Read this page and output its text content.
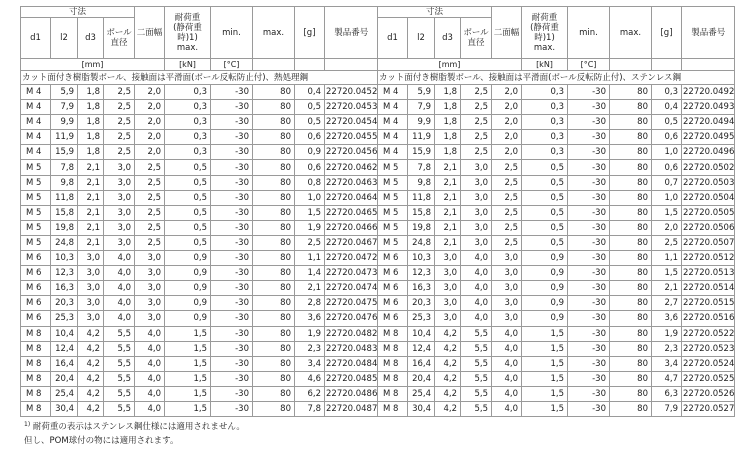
寸法				二面幅	耐荷重
(静荷重
時)1)
max.	min.	max.	[g]	製品番号
d1	l2	d3	ボール
直径						
[mm]					[kN]	[°C]			
カット面付き樹脂製ボール、接触面は平滑面(ボール反転防止付)、熱処理鋼									
M 4	5,9	1,8	2,5	2,0	0,3	-30	80	0,4	22720.0452
M 4	7,9	1,8	2,5	2,0	0,3	-30	80	0,5	22720.0453
M 4	9,9	1,8	2,5	2,0	0,3	-30	80	0,5	22720.0454
M 4	11,9	1,8	2,5	2,0	0,3	-30	80	0,6	22720.0455
M 4	15,9	1,8	2,5	2,0	0,3	-30	80	0,9	22720.0456
M 5	7,8	2,1	3,0	2,5	0,5	-30	80	0,6	22720.0462
M 5	9,8	2,1	3,0	2,5	0,5	-30	80	0,8	22720.0463
M 5	11,8	2,1	3,0	2,5	0,5	-30	80	1,0	22720.0464
M 5	15,8	2,1	3,0	2,5	0,5	-30	80	1,5	22720.0465
M 5	19,8	2,1	3,0	2,5	0,5	-30	80	1,9	22720.0466
M 5	24,8	2,1	3,0	2,5	0,5	-30	80	2,5	22720.0467
M 6	10,3	3,0	4,0	3,0	0,9	-30	80	1,1	22720.0472
M 6	12,3	3,0	4,0	3,0	0,9	-30	80	1,4	22720.0473
M 6	16,3	3,0	4,0	3,0	0,9	-30	80	2,1	22720.0474
M 6	20,3	3,0	4,0	3,0	0,9	-30	80	2,8	22720.0475
M 6	25,3	3,0	4,0	3,0	0,9	-30	80	3,6	22720.0476
M 8	10,4	4,2	5,5	4,0	1,5	-30	80	1,9	22720.0482
M 8	12,4	4,2	5,5	4,0	1,5	-30	80	2,3	22720.0483
M 8	16,4	4,2	5,5	4,0	1,5	-30	80	3,4	22720.0484
M 8	20,4	4,2	5,5	4,0	1,5	-30	80	4,6	22720.0485
M 8	25,4	4,2	5,5	4,0	1,5	-30	80	6,2	22720.0486
M 8	30,4	4,2	5,5	4,0	1,5	-30	80	7,8	22720.0487
寸法				二面幅	耐荷重
(静荷重
時)1)
max.	min.	max.	[g]	製品番号
d1	l2	d3	ボール
直径						
[mm]					[kN]	[°C]			
カット面付き樹脂製ボール、接触面は平滑面(ボール反転防止付)、ステンレス鋼									
M 4	5,9	1,8	2,5	2,0	0,3	-30	80	0,3	22720.0492
M 4	7,9	1,8	2,5	2,0	0,3	-30	80	0,4	22720.0493
M 4	9,9	1,8	2,5	2,0	0,3	-30	80	0,5	22720.0494
M 4	11,9	1,8	2,5	2,0	0,3	-30	80	0,6	22720.0495
M 4	15,9	1,8	2,5	2,0	0,3	-30	80	1,0	22720.0496
M 5	7,8	2,1	3,0	2,5	0,5	-30	80	0,6	22720.0502
M 5	9,8	2,1	3,0	2,5	0,5	-30	80	0,7	22720.0503
M 5	11,8	2,1	3,0	2,5	0,5	-30	80	1,0	22720.0504
M 5	15,8	2,1	3,0	2,5	0,5	-30	80	1,5	22720.0505
M 5	19,8	2,1	3,0	2,5	0,5	-30	80	2,0	22720.0506
M 5	24,8	2,1	3,0	2,5	0,5	-30	80	2,5	22720.0507
M 6	10,3	3,0	4,0	3,0	0,9	-30	80	1,1	22720.0512
M 6	12,3	3,0	4,0	3,0	0,9	-30	80	1,5	22720.0513
M 6	16,3	3,0	4,0	3,0	0,9	-30	80	2,1	22720.0514
M 6	20,3	3,0	4,0	3,0	0,9	-30	80	2,7	22720.0515
M 6	25,3	3,0	4,0	3,0	0,9	-30	80	3,6	22720.0516
M 8	10,4	4,2	5,5	4,0	1,5	-30	80	1,9	22720.0522
M 8	12,4	4,2	5,5	4,0	1,5	-30	80	2,3	22720.0523
M 8	16,4	4,2	5,5	4,0	1,5	-30	80	3,4	22720.0524
M 8	20,4	4,2	5,5	4,0	1,5	-30	80	4,7	22720.0525
M 8	25,4	4,2	5,5	4,0	1,5	-30	80	6,3	22720.0526
M 8	30,4	4,2	5,5	4,0	1,5	-30	80	7,9	22720.0527
$^{1)}$ 耐荷重の表示はステンレス鋼仕様には適用されません。
但し、POM球付の物には適用されます。
